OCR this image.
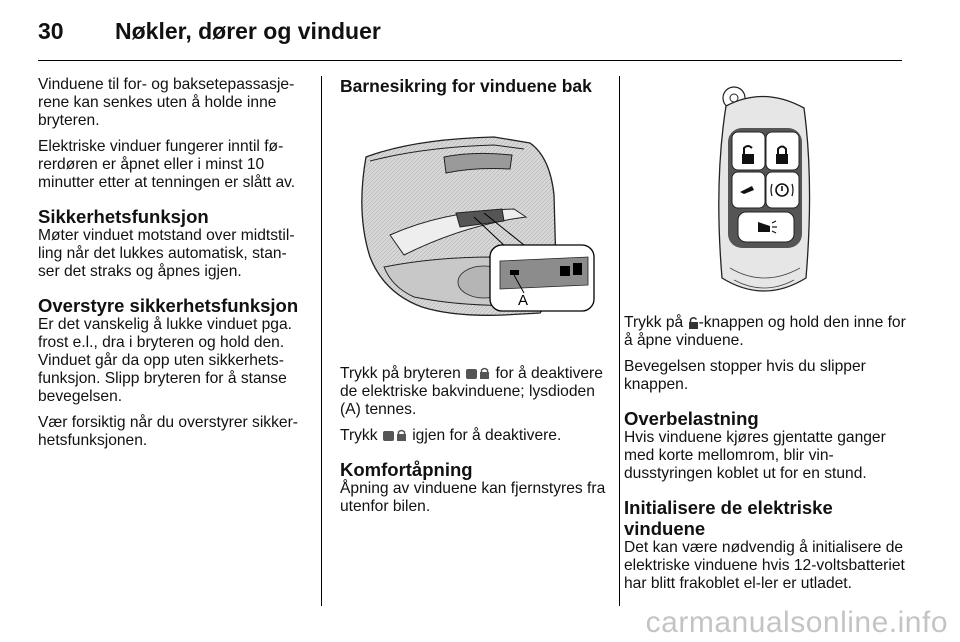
30 Nøkler, dører og vinduer

Vinduene til for- og baksetepassasje-rene kan senkes uten å holde inne bryteren.

Elektriske vinduer fungerer inntil fø-rerdøren er åpnet eller i minst 10 minutter etter at tenningen er slått av.

Sikkerhetsfunksjon

Møter vinduet motstand over midtstil-ling når det lukkes automatisk, stan-ser det straks og åpnes igjen.

Overstyre sikkerhetsfunksjon

Er det vanskelig å lukke vinduet pga. frost e.l., dra i bryteren og hold den. Vinduet går da opp uten sikkerhets-funksjon. Slipp bryteren for å stanse bevegelsen.

Vær forsiktig når du overstyrer sikker-hetsfunksjonen.

Barnesikring for vinduene bak
A

Trykk på bryteren for å deaktivere de elektriske bakvinduene; lysdioden (A) tennes.

Trykk igjen for å deaktivere.

Komfortåpning

Åpning av vinduene kan fjernstyres fra utenfor bilen.

Trykk på -knappen og hold den inne for å åpne vinduene.

Bevegelsen stopper hvis du slipper knappen.

Overbelastning

Hvis vinduene kjøres gjentatte ganger med korte mellomrom, blir vin-dusstyringen koblet ut for en stund.

Initialisere de elektriske vinduene

Det kan være nødvendig å initialisere de elektriske vinduene hvis 12-voltsbatteriet har blitt frakoblet el-ler er utladet.

carmanualsonline.info
